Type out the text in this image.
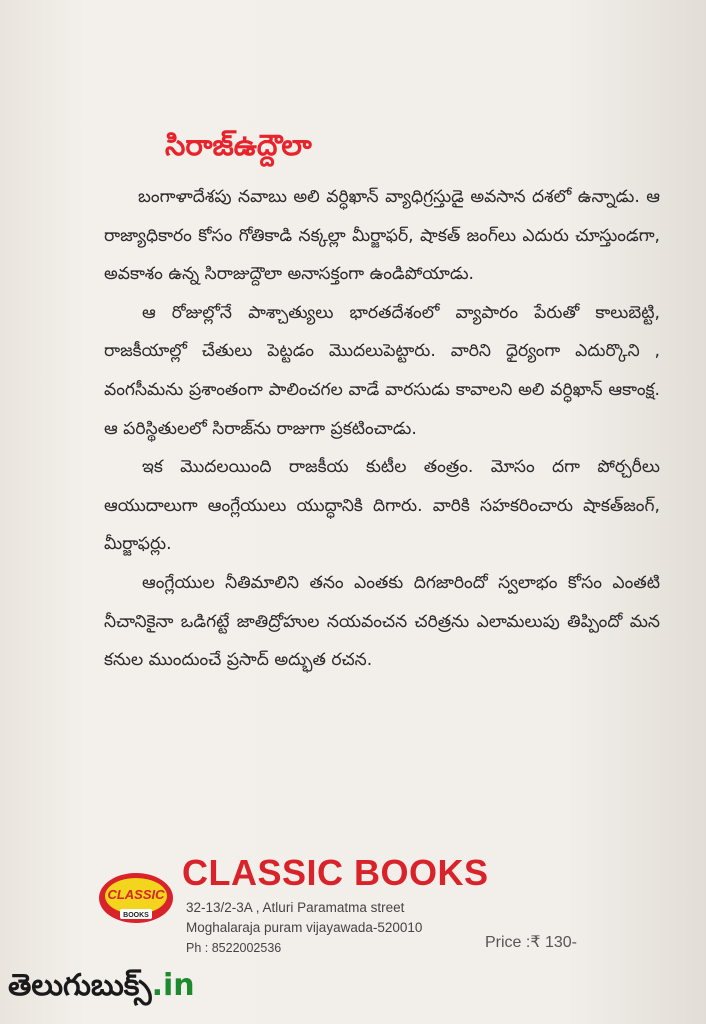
సిరాజ్ఉద్దౌలా

బంగాళాదేశపు నవాబు అలి వర్ధిఖాన్ వ్యాధిగ్రస్తుడై అవసాన దశలో ఉన్నాడు. ఆ రాజ్యాధికారం కోసం గోతికాడి నక్కల్లా మీర్జాఫర్, షాకత్ జంగ్‌లు ఎదురు చూస్తుండగా, అవకాశం ఉన్న సిరాజుద్దౌలా అనాసక్తంగా ఉండిపోయాడు.

ఆ రోజుల్లోనే పాశ్చాత్యులు భారతదేశంలో వ్యాపారం పేరుతో కాలుబెట్టి, రాజకీయాల్లో చేతులు పెట్టడం మొదలుపెట్టారు. వారిని ధైర్యంగా ఎదుర్కొని , వంగసీమను ప్రశాంతంగా పాలించగల వాడే వారసుడు కావాలని అలి వర్ధిఖాన్ ఆకాంక్ష. ఆ పరిస్థితులలో సిరాజ్‌ను రాజుగా ప్రకటించాడు.

ఇక మొదలయింది రాజకీయ కుటీల తంత్రం. మోసం దగా పోర్చరీలు ఆయుదాలుగా ఆంగ్లేయులు యుద్ధానికి దిగారు. వారికి సహకరించారు షాకత్‌జంగ్, మీర్జాఫర్లు.

ఆంగ్లేయుల నీతిమాలిని తనం ఎంతకు దిగజారిందో స్వలాభం కోసం ఎంతటి నీచానికైనా ఒడిగట్టే జాతిద్రోహుల నయవంచన చరిత్రను ఎలామలుపు తిప్పిందో మన కనుల ముందుంచే ప్రసాద్ అద్భుత రచన.

CLASSIC
BOOKS
CLASSIC BOOKS
32-13/2-3A , Atluri Paramatma street
Moghalaraja puram vijayawada-520010
Ph : 8522002536	Price :₹ 130-
తెలుగుబుక్స్.in
